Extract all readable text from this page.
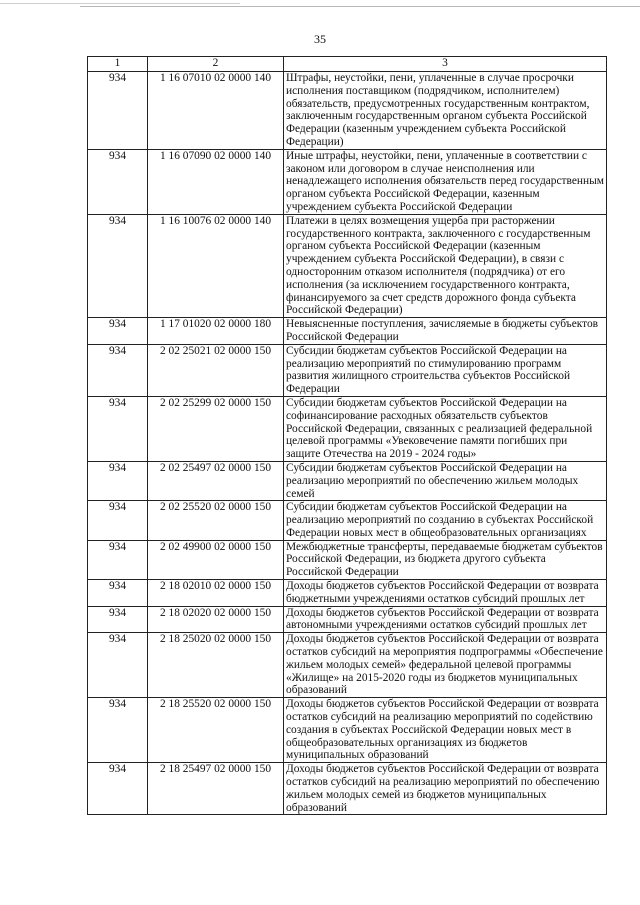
35
1	2	3
934	1 16 07010 02 0000 140	Штрафы, неустойки, пени, уплаченные в случае просрочки исполнения поставщиком (подрядчиком, исполнителем) обязательств, предусмотренных государственным контрактом, заключенным государственным органом субъекта Российской Федерации (казенным учреждением субъекта Российской Федерации)
934	1 16 07090 02 0000 140	Иные штрафы, неустойки, пени, уплаченные в соответствии с законом или договором в случае неисполнения или ненадлежащего исполнения обязательств перед государственным органом субъекта Российской Федерации, казенным учреждением субъекта Российской Федерации
934	1 16 10076 02 0000 140	Платежи в целях возмещения ущерба при расторжении государственного контракта, заключенного с государственным органом субъекта Российской Федерации (казенным учреждением субъекта Российской Федерации), в связи с односторонним отказом исполнителя (подрядчика) от его исполнения (за исключением государственного контракта, финансируемого за счет средств дорожного фонда субъекта Российской Федерации)
934	1 17 01020 02 0000 180	Невыясненные поступления, зачисляемые в бюджеты субъектов Российской Федерации
934	2 02 25021 02 0000 150	Субсидии бюджетам субъектов Российской Федерации на реализацию мероприятий по стимулированию программ развития жилищного строительства субъектов Российской Федерации
934	2 02 25299 02 0000 150	Субсидии бюджетам субъектов Российской Федерации на софинансирование расходных обязательств субъектов Российской Федерации, связанных с реализацией федеральной целевой программы «Увековечение памяти погибших при защите Отечества на 2019 - 2024 годы»
934	2 02 25497 02 0000 150	Субсидии бюджетам субъектов Российской Федерации на реализацию мероприятий по обеспечению жильем молодых семей
934	2 02 25520 02 0000 150	Субсидии бюджетам субъектов Российской Федерации на реализацию мероприятий по созданию в субъектах Российской Федерации новых мест в общеобразовательных организациях
934	2 02 49900 02 0000 150	Межбюджетные трансферты, передаваемые бюджетам субъектов Российской Федерации, из бюджета другого субъекта Российской Федерации
934	2 18 02010 02 0000 150	Доходы бюджетов субъектов Российской Федерации от возврата бюджетными учреждениями остатков субсидий прошлых лет
934	2 18 02020 02 0000 150	Доходы бюджетов субъектов Российской Федерации от возврата автономными учреждениями остатков субсидий прошлых лет
934	2 18 25020 02 0000 150	Доходы бюджетов субъектов Российской Федерации от возврата остатков субсидий на мероприятия подпрограммы «Обеспечение жильем молодых семей» федеральной целевой программы «Жилище» на 2015-2020 годы из бюджетов муниципальных образований
934	2 18 25520 02 0000 150	Доходы бюджетов субъектов Российской Федерации от возврата остатков субсидий на реализацию мероприятий по содействию создания в субъектах Российской Федерации новых мест в общеобразовательных организациях из бюджетов муниципальных образований
934	2 18 25497 02 0000 150	Доходы бюджетов субъектов Российской Федерации от возврата остатков субсидий на реализацию мероприятий по обеспечению жильем молодых семей из бюджетов муниципальных образований
